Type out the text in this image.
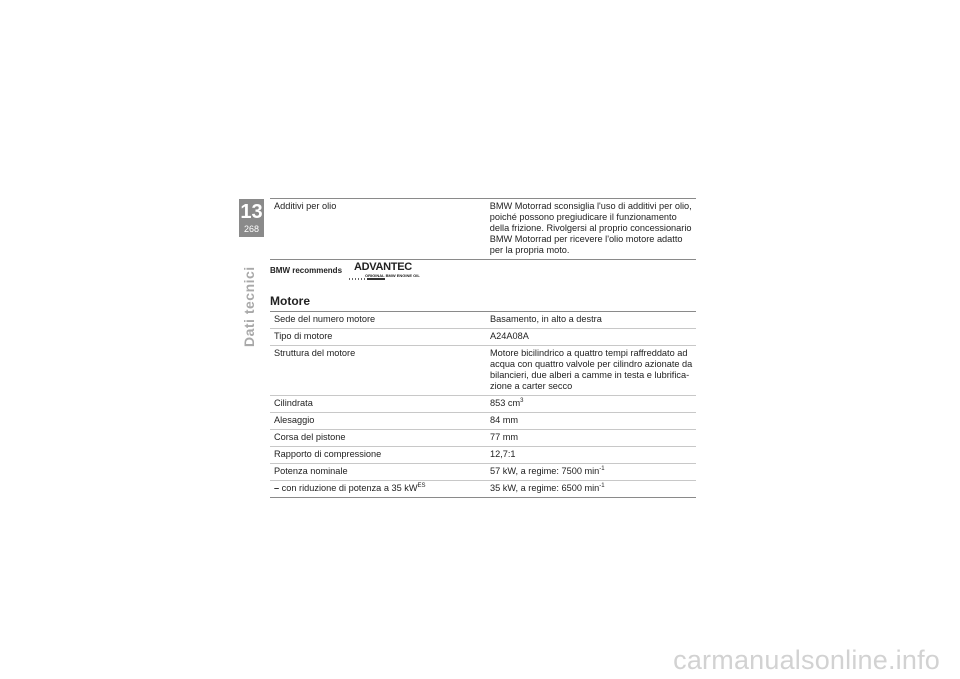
13
268
Dati tecnici
Additivi per olio	BMW Motorrad sconsiglia l'uso di additivi per olio,
poiché possono pregiudicare il funzionamento
della frizione. Rivolgersi al proprio concessionario
BMW Motorrad per ricevere l'olio motore adatto
per la propria moto.
BMW recommends ADVANTEC
ORIGINAL BMW ENGINE OIL
Motore
Sede del numero motore	Basamento, in alto a destra
Tipo di motore	A24A08A
Struttura del motore	Motore bicilindrico a quattro tempi raffreddato ad
acqua con quattro valvole per cilindro azionate da
bilancieri, due alberi a camme in testa e lubrifica-
zione a carter secco

Cilindrata	853 $cm^3$
Alesaggio	84 mm
Corsa del pistone	77 mm
Rapporto di compressione	12,7:1
Potenza nominale	57 kW, a regime: 7500 $\min^{-1}$
– con riduzione di potenza a 35 $kW^{ES}$	35 kW, a regime: 6500 $\min^{-1}$
carmanualsonline.info
